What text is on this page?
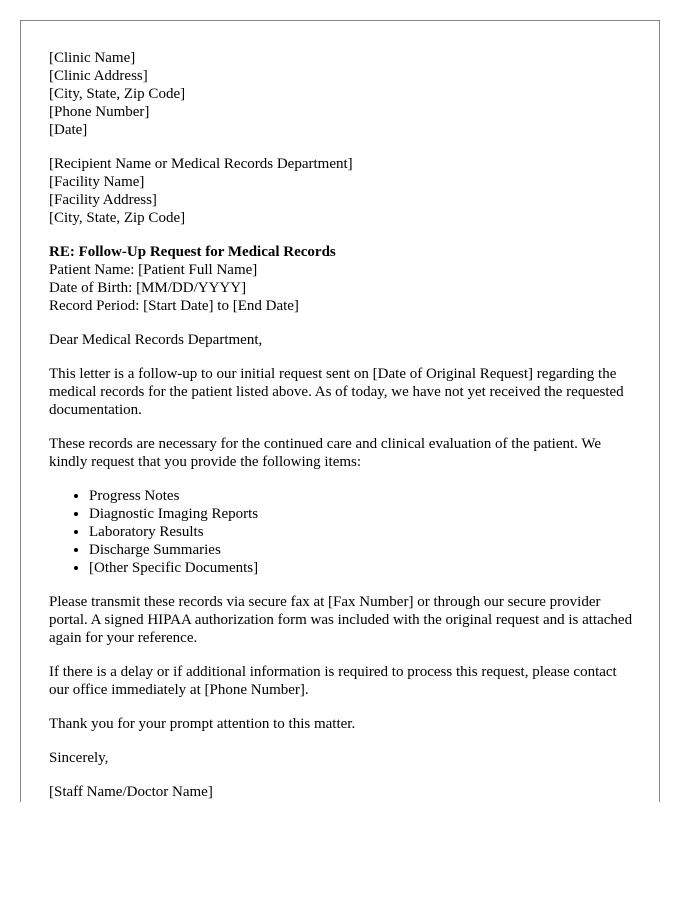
[Clinic Name]
[Clinic Address]
[City, State, Zip Code]
[Phone Number]
[Date]
[Recipient Name or Medical Records Department]
[Facility Name]
[Facility Address]
[City, State, Zip Code]
RE: Follow-Up Request for Medical Records
Patient Name: [Patient Full Name]
Date of Birth: [MM/DD/YYYY]
Record Period: [Start Date] to [End Date]

Dear Medical Records Department,

This letter is a follow-up to our initial request sent on [Date of Original Request] regarding the medical records for the patient listed above. As of today, we have not yet received the requested documentation.

These records are necessary for the continued care and clinical evaluation of the patient. We kindly request that you provide the following items:

• Progress Notes
• Diagnostic Imaging Reports
• Laboratory Results
• Discharge Summaries
• [Other Specific Documents]

Please transmit these records via secure fax at [Fax Number] or through our secure provider portal. A signed HIPAA authorization form was included with the original request and is attached again for your reference.

If there is a delay or if additional information is required to process this request, please contact our office immediately at [Phone Number].

Thank you for your prompt attention to this matter.

Sincerely,

[Staff Name/Doctor Name]
